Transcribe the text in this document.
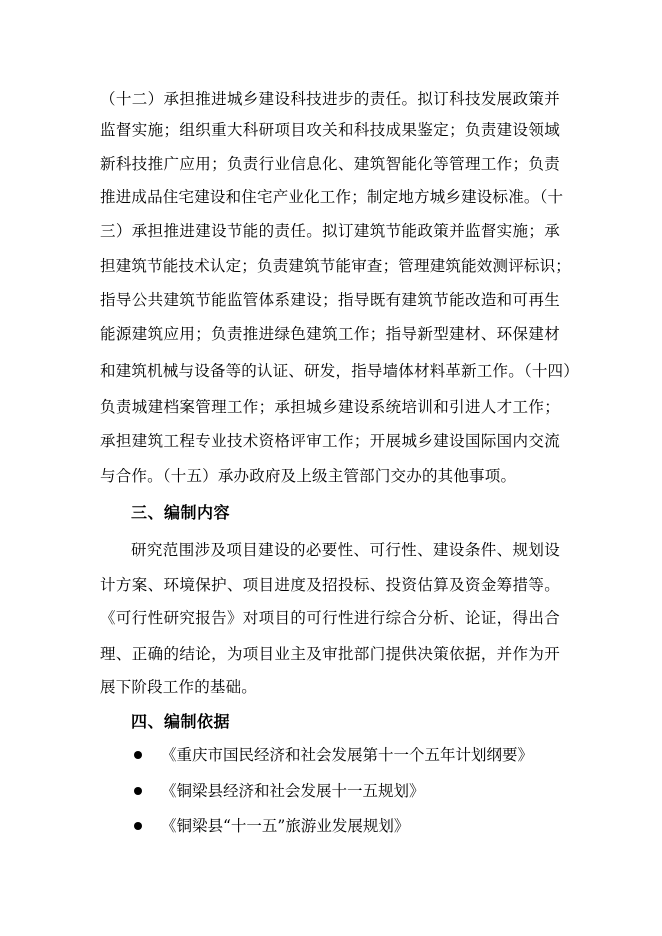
（十二）承担推进城乡建设科技进步的责任。拟订科技发展政策并
监督实施；组织重大科研项目攻关和科技成果鉴定；负责建设领域
新科技推广应用；负责行业信息化、建筑智能化等管理工作；负责
推进成品住宅建设和住宅产业化工作；制定地方城乡建设标准。（十
三）承担推进建设节能的责任。拟订建筑节能政策并监督实施；承
担建筑节能技术认定；负责建筑节能审查；管理建筑能效测评标识；
指导公共建筑节能监管体系建设；指导既有建筑节能改造和可再生
能源建筑应用；负责推进绿色建筑工作；指导新型建材、环保建材
和建筑机械与设备等的认证、研发，指导墙体材料革新工作。（十四）
负责城建档案管理工作；承担城乡建设系统培训和引进人才工作；
承担建筑工程专业技术资格评审工作；开展城乡建设国际国内交流
与合作。（十五）承办政府及上级主管部门交办的其他事项。
三、编制内容
研究范围涉及项目建设的必要性、可行性、建设条件、规划设
计方案、环境保护、项目进度及招投标、投资估算及资金筹措等。
《可行性研究报告》对项目的可行性进行综合分析、论证，得出合
理、正确的结论，为项目业主及审批部门提供决策依据，并作为开
展下阶段工作的基础。
四、编制依据
《重庆市国民经济和社会发展第十一个五年计划纲要》
《铜梁县经济和社会发展十一五规划》
《铜梁县“十一五”旅游业发展规划》
